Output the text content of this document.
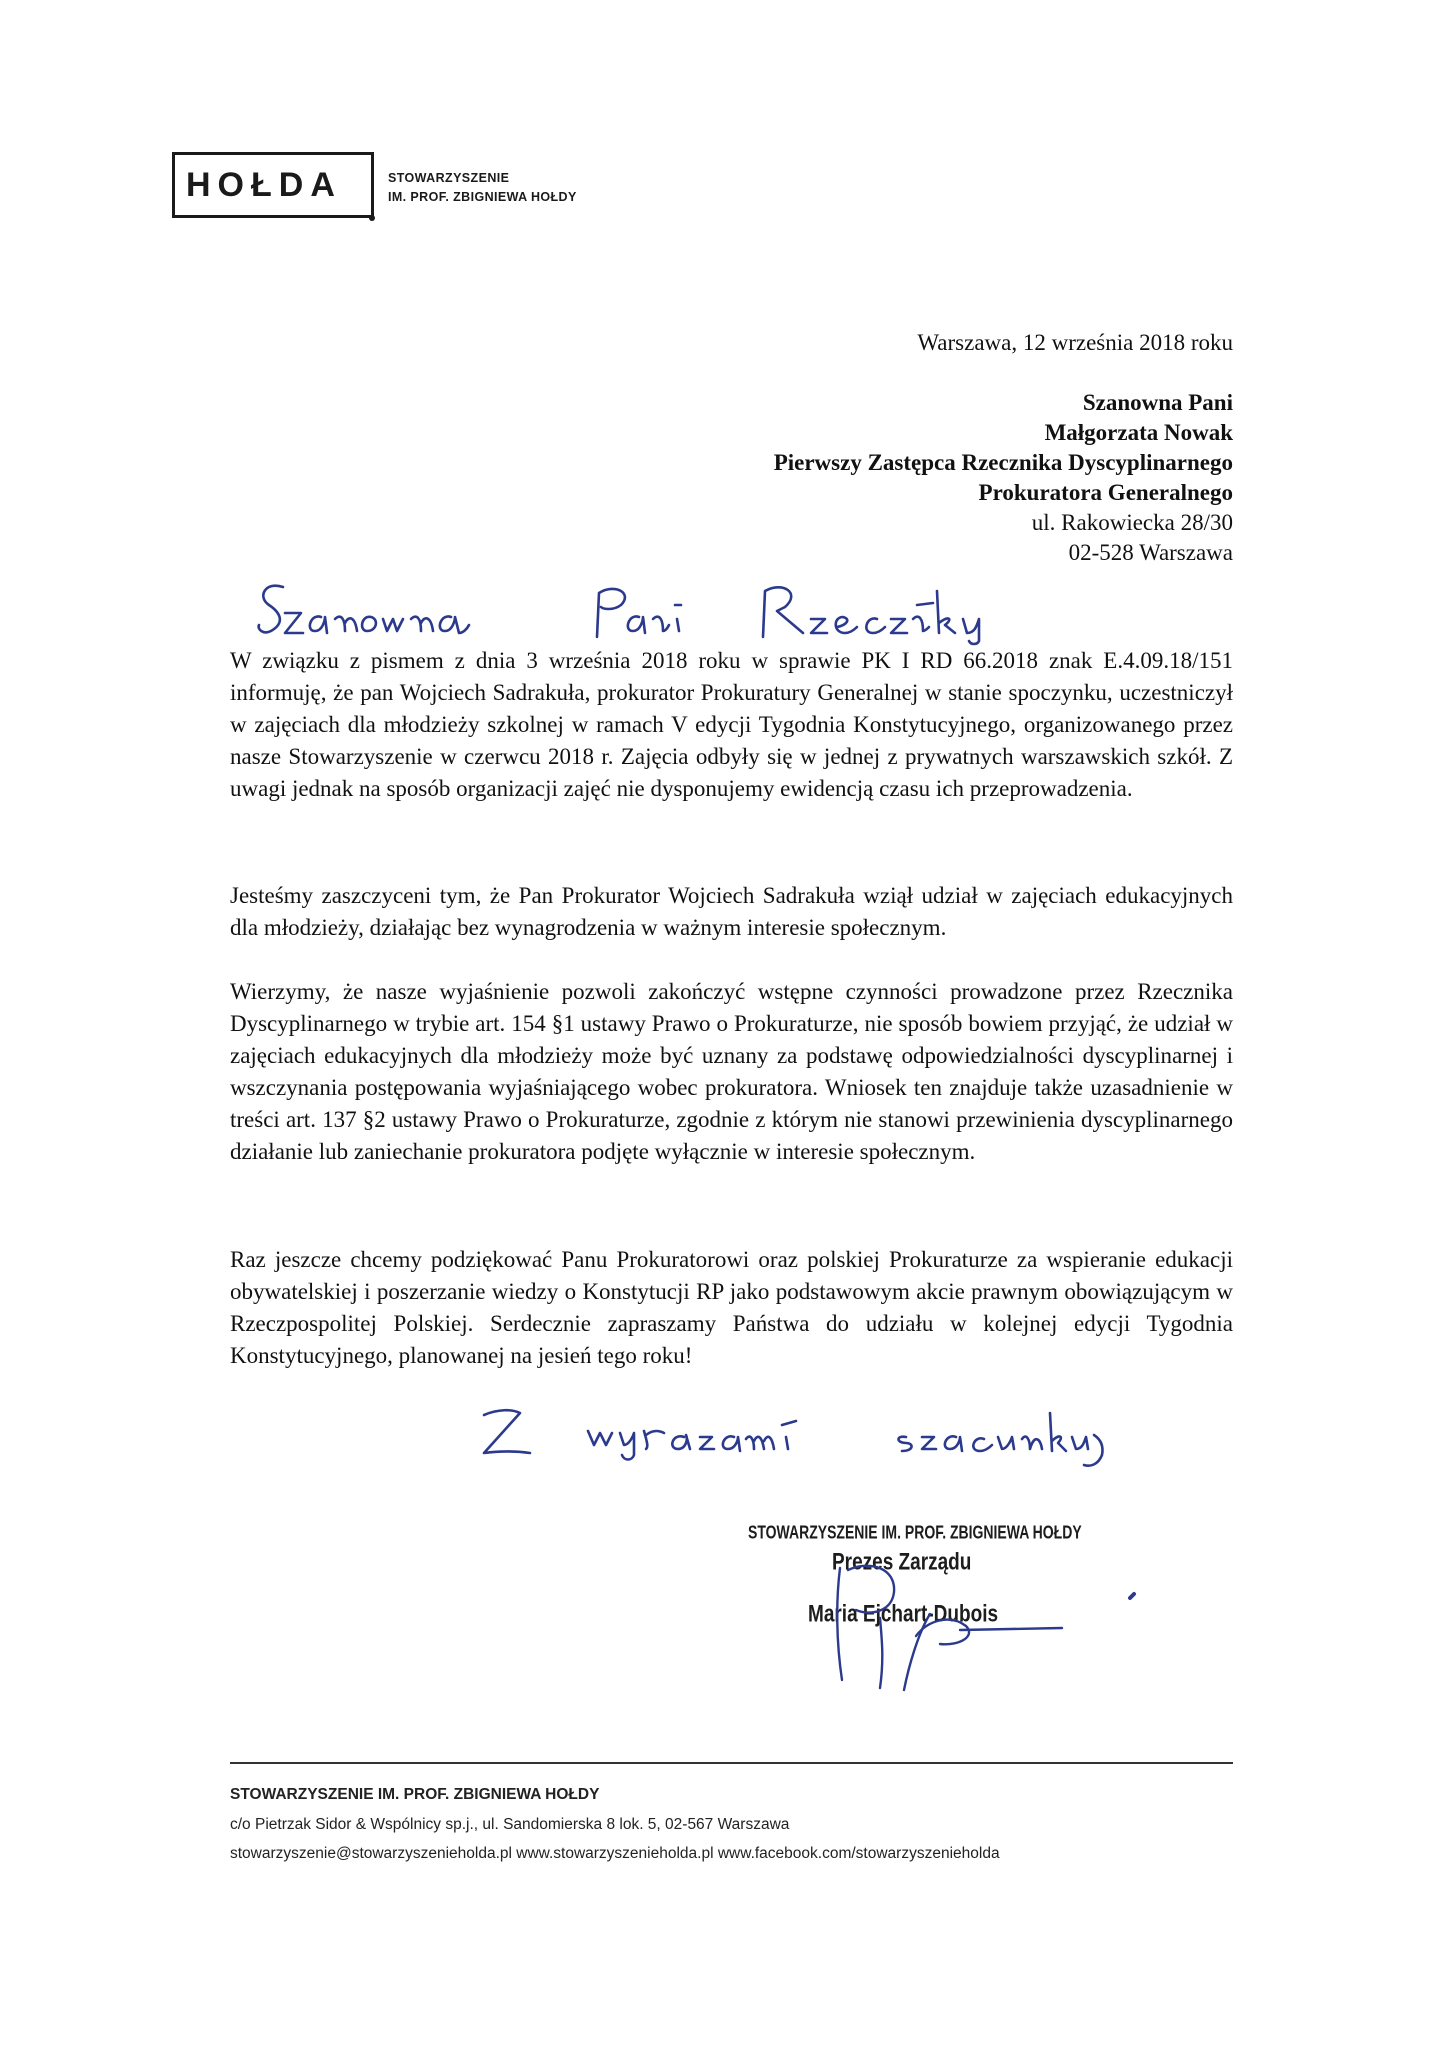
HOŁDA	STOWARZYSZENIE
IM. PROF. ZBIGNIEWA HOŁDY
Warszawa, 12 września 2018 roku
Szanowna Pani
Małgorzata Nowak
Pierwszy Zastępca Rzecznika Dyscyplinarnego
Prokuratora Generalnego
ul. Rakowiecka 28/30
02-528 Warszawa

W związku z pismem z dnia 3 września 2018 roku w sprawie PK I RD 66.2018 znak E.4.09.18/151 informuję, że pan Wojciech Sadrakuła, prokurator Prokuratury Generalnej w stanie spoczynku, uczestniczył w zajęciach dla młodzieży szkolnej w ramach V edycji Tygodnia Konstytucyjnego, organizowanego przez nasze Stowarzyszenie w czerwcu 2018 r. Zajęcia odbyły się w jednej z prywatnych warszawskich szkół. Z uwagi jednak na sposób organizacji zajęć nie dysponujemy ewidencją czasu ich przeprowadzenia.

Jesteśmy zaszczyceni tym, że Pan Prokurator Wojciech Sadrakuła wziął udział w zajęciach edukacyjnych dla młodzieży, działając bez wynagrodzenia w ważnym interesie społecznym.

Wierzymy, że nasze wyjaśnienie pozwoli zakończyć wstępne czynności prowadzone przez Rzecznika Dyscyplinarnego w trybie art. 154 §1 ustawy Prawo o Prokuraturze, nie sposób bowiem przyjąć, że udział w zajęciach edukacyjnych dla młodzieży może być uznany za podstawę odpowiedzialności dyscyplinarnej i wszczynania postępowania wyjaśniającego wobec prokuratora. Wniosek ten znajduje także uzasadnienie w treści art. 137 §2 ustawy Prawo o Prokuraturze, zgodnie z którym nie stanowi przewinienia dyscyplinarnego działanie lub zaniechanie prokuratora podjęte wyłącznie w interesie społecznym.

Raz jeszcze chcemy podziękować Panu Prokuratorowi oraz polskiej Prokuraturze za wspieranie edukacji obywatelskiej i poszerzanie wiedzy o Konstytucji RP jako podstawowym akcie prawnym obowiązującym w Rzeczpospolitej Polskiej. Serdecznie zapraszamy Państwa do udziału w kolejnej edycji Tygodnia Konstytucyjnego, planowanej na jesień tego roku!

STOWARZYSZENIE IM. PROF. ZBIGNIEWA HOŁDY
Prezes Zarządu
Maria Ejchart-Dubois
STOWARZYSZENIE IM. PROF. ZBIGNIEWA HOŁDY
c/o Pietrzak Sidor & Wspólnicy sp.j., ul. Sandomierska 8 lok. 5, 02-567 Warszawa
stowarzyszenie@stowarzyszenieholda.pl www.stowarzyszenieholda.pl www.facebook.com/stowarzyszenieholda
